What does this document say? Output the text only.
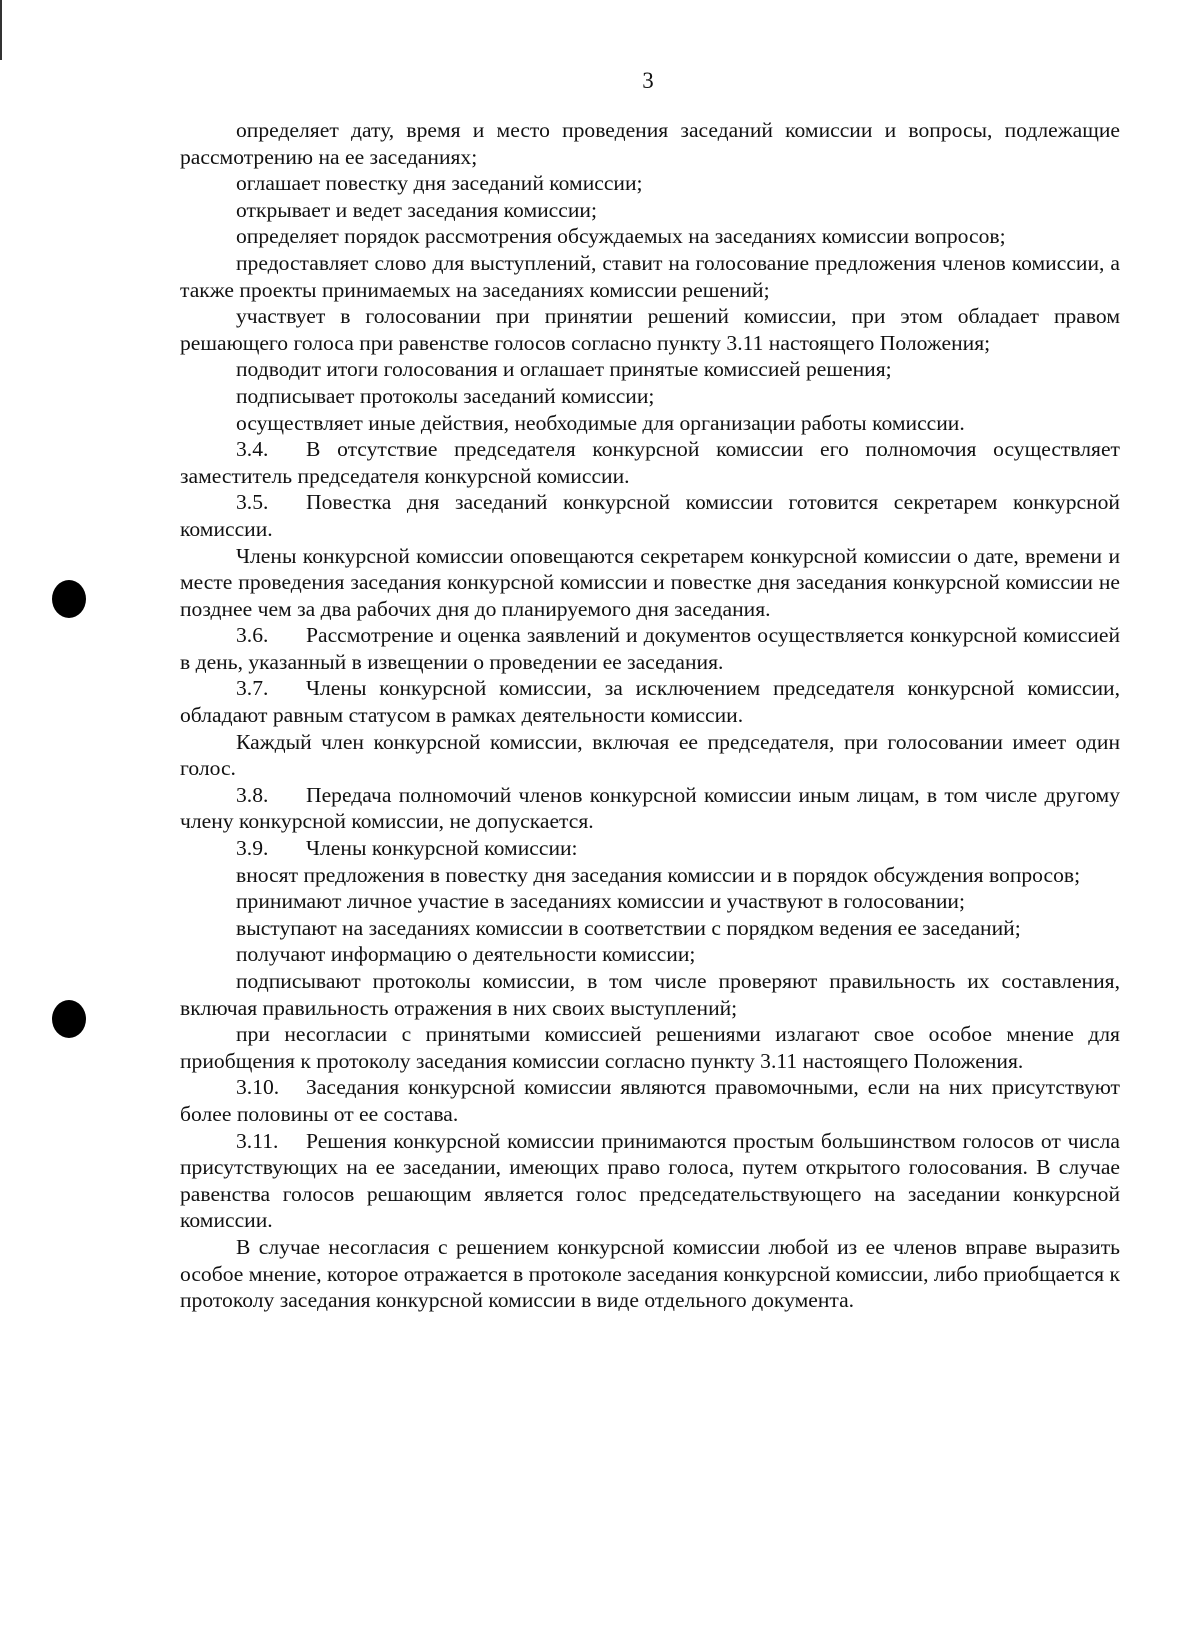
3

определяет дату, время и место проведения заседаний комиссии и вопросы, подлежащие рассмотрению на ее заседаниях;

оглашает повестку дня заседаний комиссии;

открывает и ведет заседания комиссии;

определяет порядок рассмотрения обсуждаемых на заседаниях комиссии вопросов;

предоставляет слово для выступлений, ставит на голосование предложения членов комиссии, а также проекты принимаемых на заседаниях комиссии решений;

участвует в голосовании при принятии решений комиссии, при этом обладает правом решающего голоса при равенстве голосов согласно пункту 3.11 настоящего Положения;

подводит итоги голосования и оглашает принятые комиссией решения;

подписывает протоколы заседаний комиссии;

осуществляет иные действия, необходимые для организации работы комиссии.

3.4. В отсутствие председателя конкурсной комиссии его полномочия осуществляет заместитель председателя конкурсной комиссии.

3.5. Повестка дня заседаний конкурсной комиссии готовится секретарем конкурсной комиссии.

Члены конкурсной комиссии оповещаются секретарем конкурсной комиссии о дате, времени и месте проведения заседания конкурсной комиссии и повестке дня заседания конкурсной комиссии не позднее чем за два рабочих дня до планируемого дня заседания.

3.6. Рассмотрение и оценка заявлений и документов осуществляется конкурсной комиссией в день, указанный в извещении о проведении ее заседания.

3.7. Члены конкурсной комиссии, за исключением председателя конкурсной комиссии, обладают равным статусом в рамках деятельности комиссии.

Каждый член конкурсной комиссии, включая ее председателя, при голосовании имеет один голос.

3.8. Передача полномочий членов конкурсной комиссии иным лицам, в том числе другому члену конкурсной комиссии, не допускается.

3.9. Члены конкурсной комиссии:

вносят предложения в повестку дня заседания комиссии и в порядок обсуждения вопросов;

принимают личное участие в заседаниях комиссии и участвуют в голосовании;

выступают на заседаниях комиссии в соответствии с порядком ведения ее заседаний;

получают информацию о деятельности комиссии;

подписывают протоколы комиссии, в том числе проверяют правильность их составления, включая правильность отражения в них своих выступлений;

при несогласии с принятыми комиссией решениями излагают свое особое мнение для приобщения к протоколу заседания комиссии согласно пункту 3.11 настоящего Положения.

3.10. Заседания конкурсной комиссии являются правомочными, если на них присутствуют более половины от ее состава.

3.11. Решения конкурсной комиссии принимаются простым большинством голосов от числа присутствующих на ее заседании, имеющих право голоса, путем открытого голосования. В случае равенства голосов решающим является голос председательствующего на заседании конкурсной комиссии.

В случае несогласия с решением конкурсной комиссии любой из ее членов вправе выразить особое мнение, которое отражается в протоколе заседания конкурсной комиссии, либо приобщается к протоколу заседания конкурсной комиссии в виде отдельного документа.
